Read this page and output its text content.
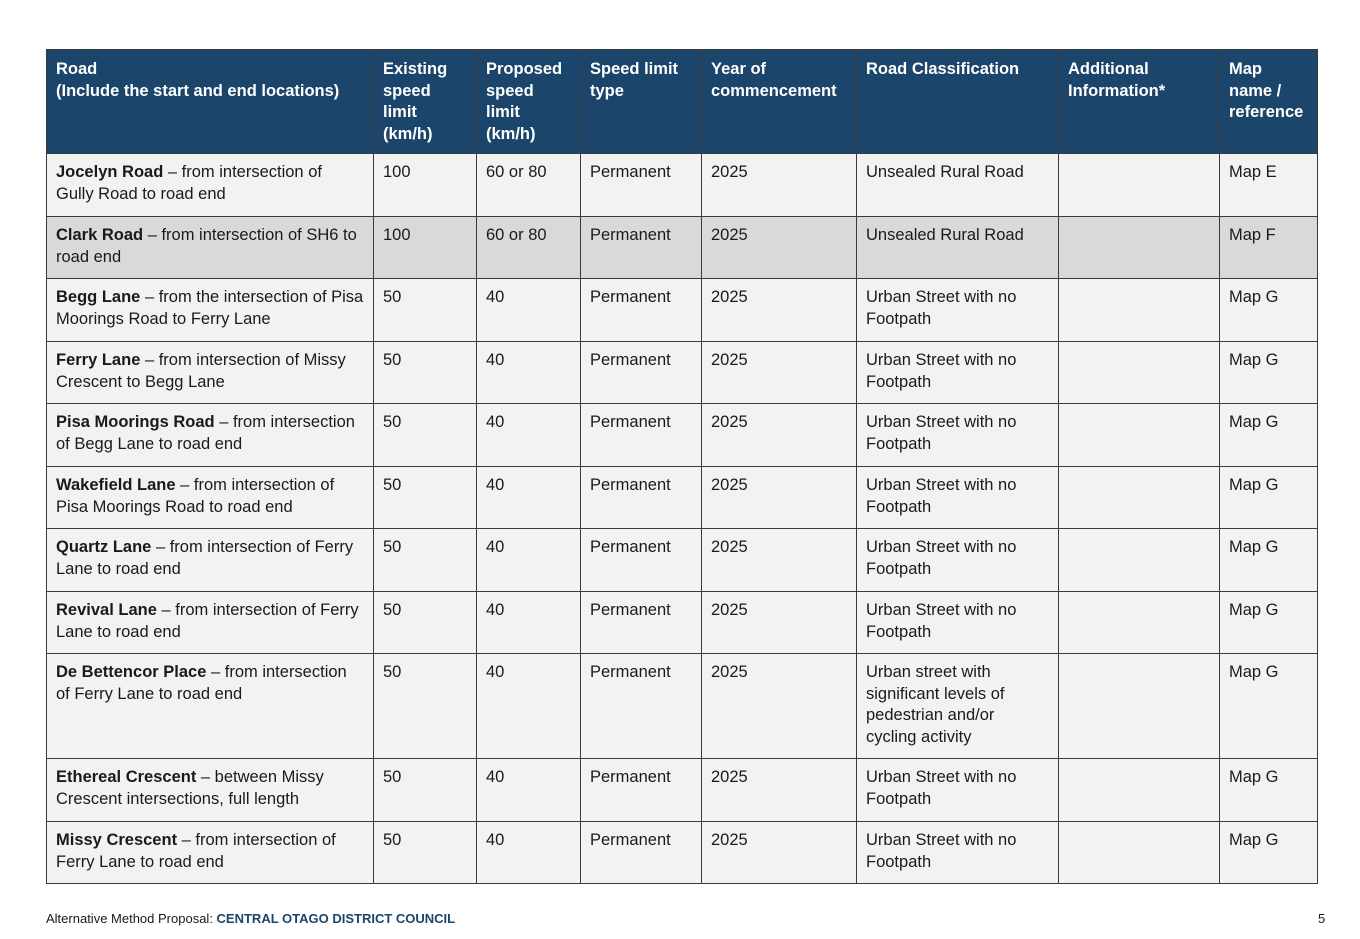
Road
(Include the start and end locations)	Existing speed limit (km/h)	Proposed speed limit (km/h)	Speed limit type	Year of commencement	Road Classification	Additional Information*	Map name / reference
Jocelyn Road – from intersection of Gully Road to road end	100	60 or 80	Permanent	2025	Unsealed Rural Road		Map E
Clark Road – from intersection of SH6 to road end	100	60 or 80	Permanent	2025	Unsealed Rural Road		Map F
Begg Lane – from the intersection of Pisa Moorings Road to Ferry Lane	50	40	Permanent	2025	Urban Street with no Footpath		Map G
Ferry Lane – from intersection of Missy Crescent to Begg Lane	50	40	Permanent	2025	Urban Street with no Footpath		Map G
Pisa Moorings Road – from intersection of Begg Lane to road end	50	40	Permanent	2025	Urban Street with no Footpath		Map G
Wakefield Lane – from intersection of Pisa Moorings Road to road end	50	40	Permanent	2025	Urban Street with no Footpath		Map G
Quartz Lane – from intersection of Ferry Lane to road end	50	40	Permanent	2025	Urban Street with no Footpath		Map G
Revival Lane – from intersection of Ferry Lane to road end	50	40	Permanent	2025	Urban Street with no Footpath		Map G
De Bettencor Place – from intersection of Ferry Lane to road end	50	40	Permanent	2025	Urban street with significant levels of pedestrian and/or cycling activity		Map G
Ethereal Crescent – between Missy Crescent intersections, full length	50	40	Permanent	2025	Urban Street with no Footpath		Map G
Missy Crescent – from intersection of Ferry Lane to road end	50	40	Permanent	2025	Urban Street with no Footpath		Map G
Alternative Method Proposal: CENTRAL OTAGO DISTRICT COUNCIL	5
